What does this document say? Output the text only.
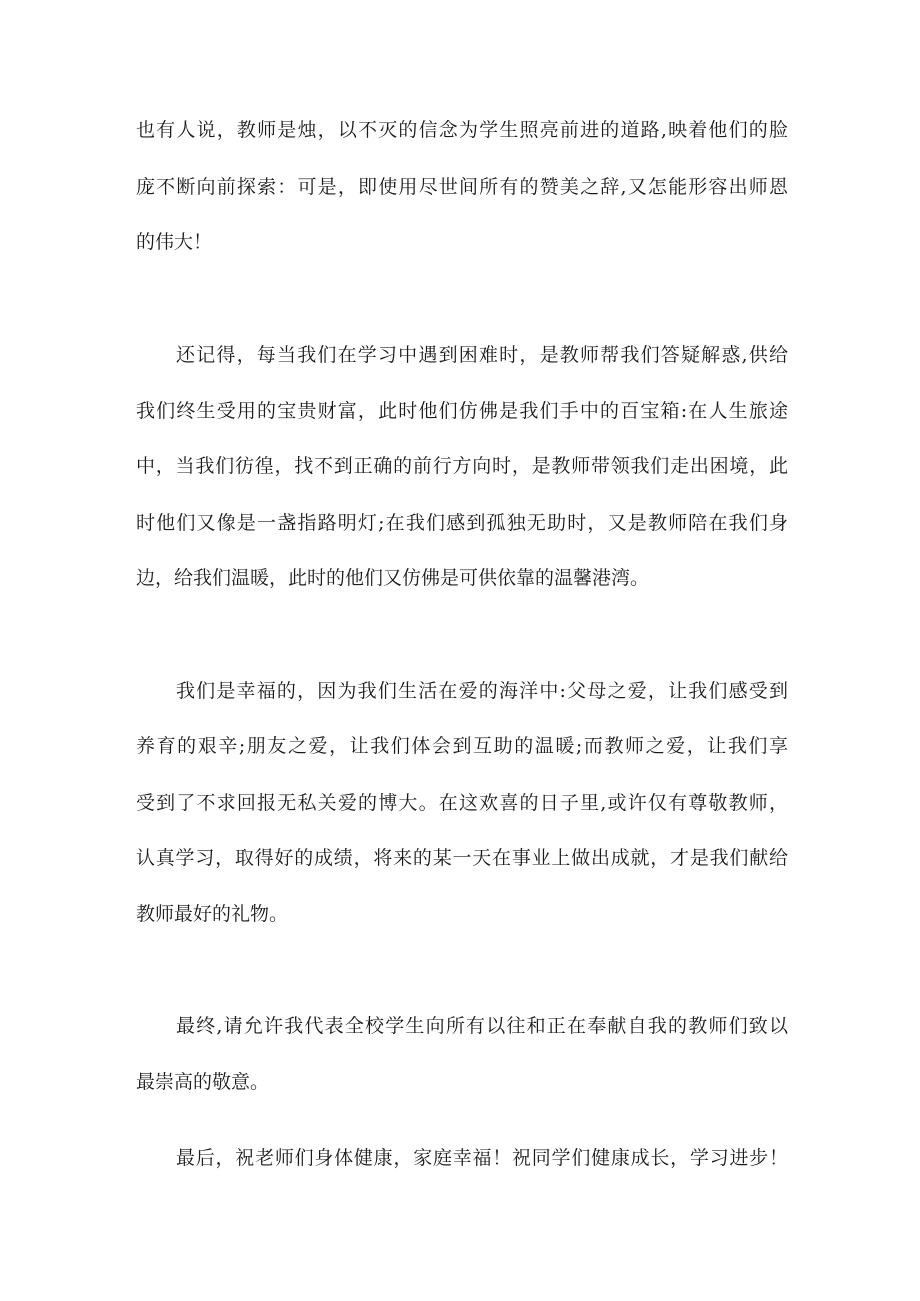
也有人说，教师是烛，以不灭的信念为学生照亮前进的道路,映着他们的脸
庞不断向前探索：可是，即使用尽世间所有的赞美之辞,又怎能形容出师恩
的伟大！
还记得，每当我们在学习中遇到困难时，是教师帮我们答疑解惑,供给
我们终生受用的宝贵财富，此时他们仿佛是我们手中的百宝箱:在人生旅途
中，当我们彷徨，找不到正确的前行方向时，是教师带领我们走出困境，此
时他们又像是一盏指路明灯;在我们感到孤独无助时，又是教师陪在我们身
边，给我们温暖，此时的他们又仿佛是可供依靠的温馨港湾。
我们是幸福的，因为我们生活在爱的海洋中:父母之爱，让我们感受到
养育的艰辛;朋友之爱，让我们体会到互助的温暖;而教师之爱，让我们享
受到了不求回报无私关爱的博大。在这欢喜的日子里,或许仅有尊敬教师，
认真学习，取得好的成绩，将来的某一天在事业上做出成就，才是我们献给
教师最好的礼物。
最终,请允许我代表全校学生向所有以往和正在奉献自我的教师们致以
最崇高的敬意。
最后，祝老师们身体健康，家庭幸福！祝同学们健康成长，学习进步！
